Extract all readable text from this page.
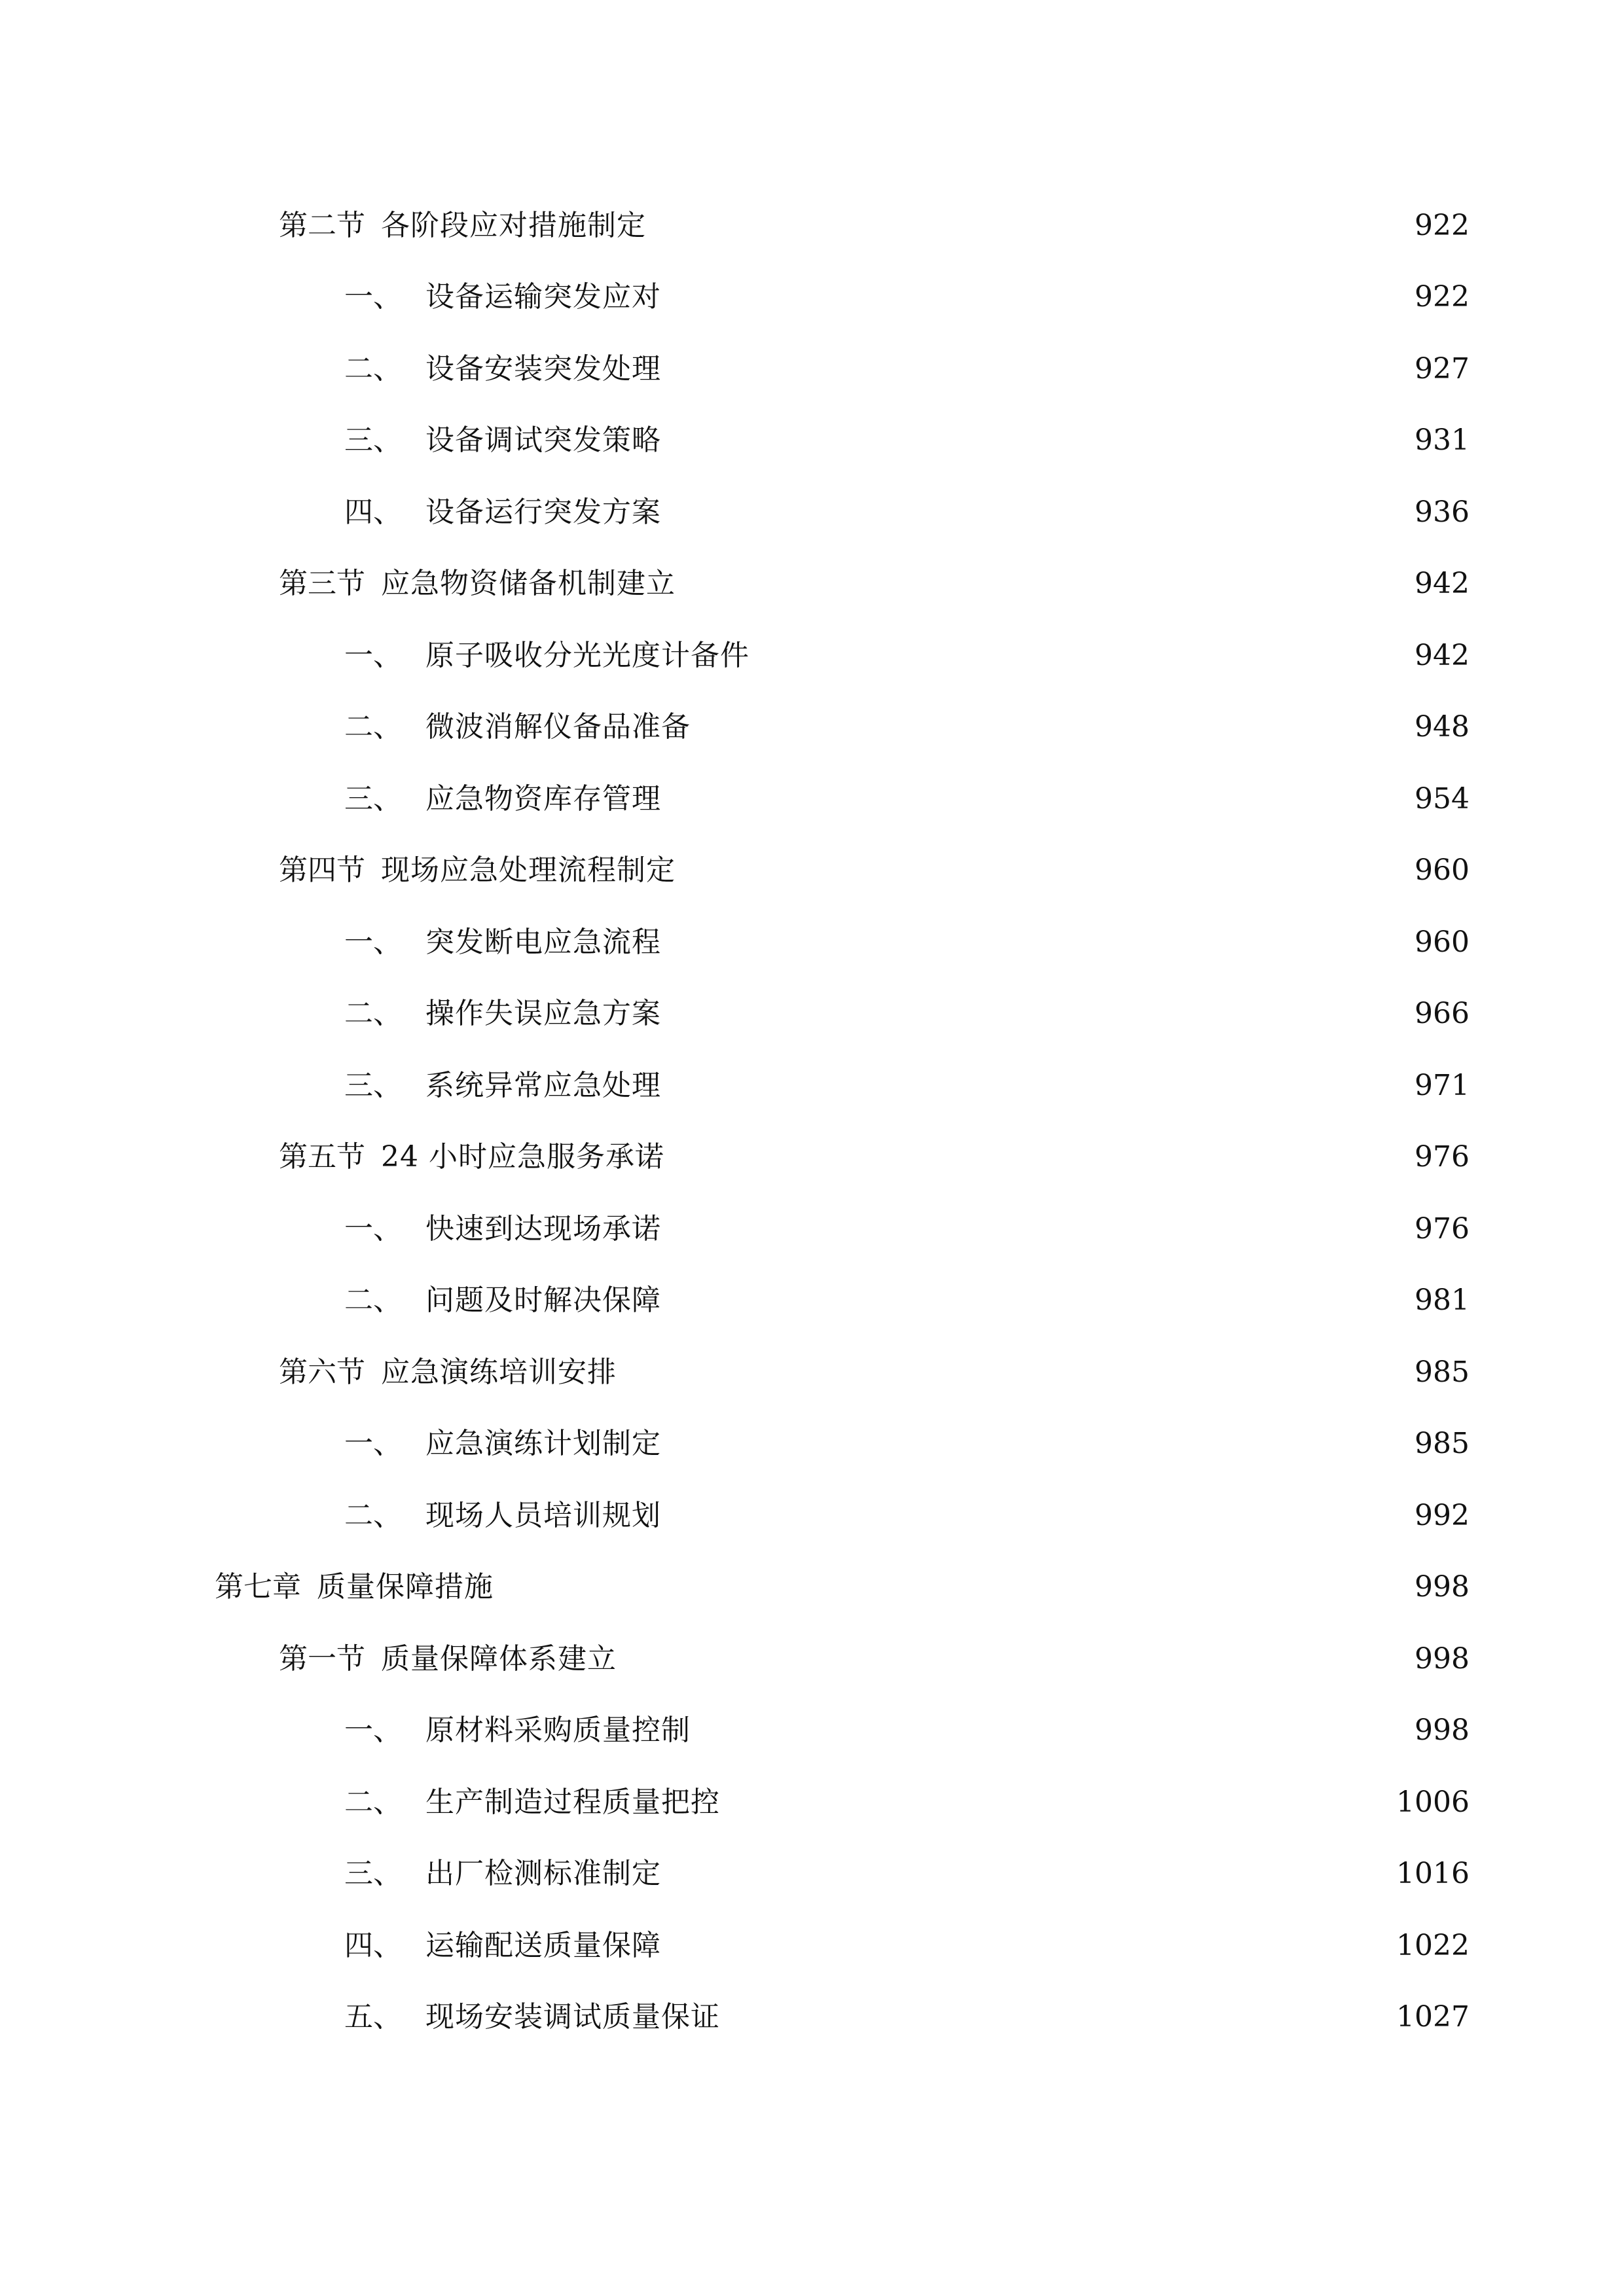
第二节 各阶段应对措施制定	922
一、 设备运输突发应对	922
二、 设备安装突发处理	927
三、 设备调试突发策略	931
四、 设备运行突发方案	936
第三节 应急物资储备机制建立	942
一、 原子吸收分光光度计备件	942
二、 微波消解仪备品准备	948
三、 应急物资库存管理	954
第四节 现场应急处理流程制定	960
一、 突发断电应急流程	960
二、 操作失误应急方案	966
三、 系统异常应急处理	971
第五节 24 小时应急服务承诺	976
一、 快速到达现场承诺	976
二、 问题及时解决保障	981
第六节 应急演练培训安排	985
一、 应急演练计划制定	985
二、 现场人员培训规划	992
第七章 质量保障措施	998
第一节 质量保障体系建立	998
一、 原材料采购质量控制	998
二、 生产制造过程质量把控	1006
三、 出厂检测标准制定	1016
四、 运输配送质量保障	1022
五、 现场安装调试质量保证	1027
